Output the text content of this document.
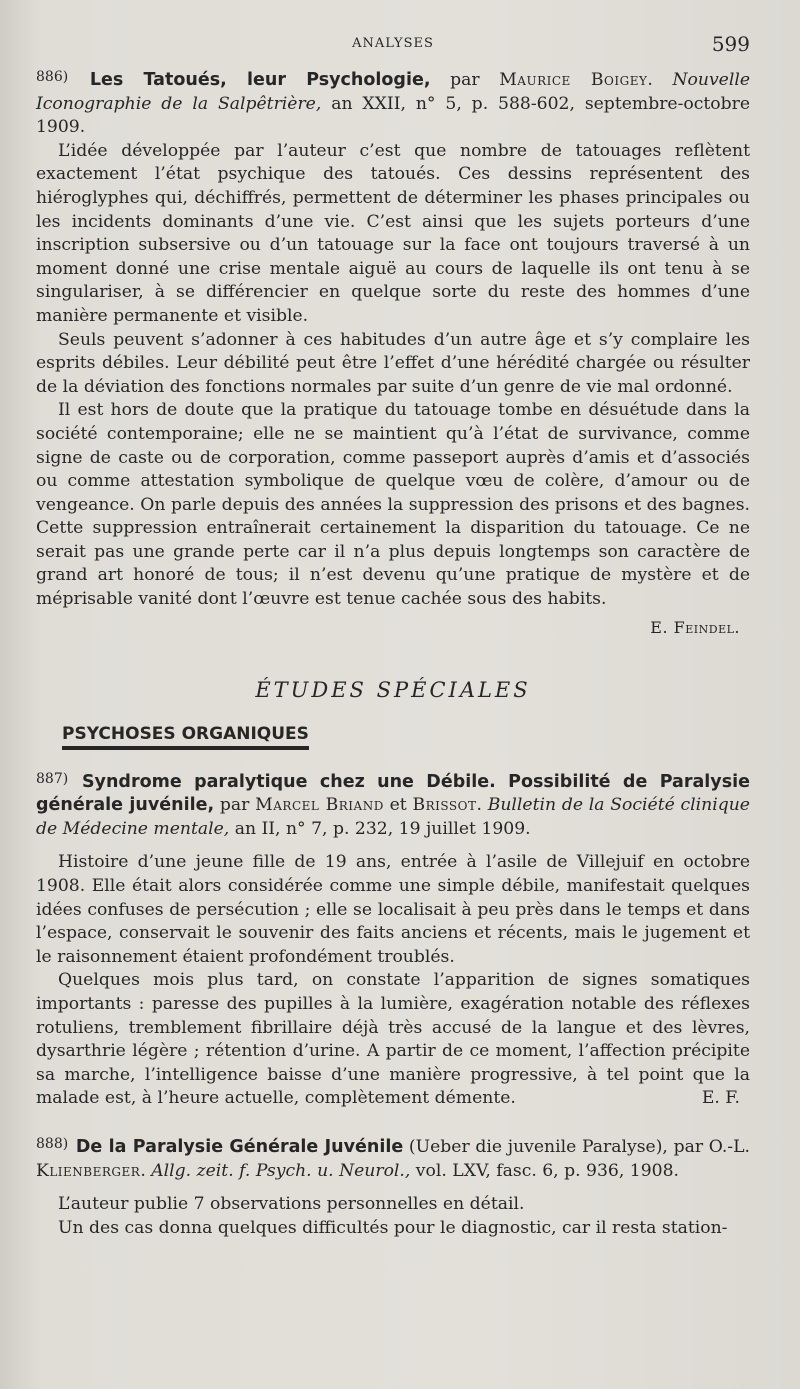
ANALYSES	599

$^{886)}$ Les Tatoués, leur Psychologie, par Maurice Boigey. Nouvelle Iconographie de la Salpêtrière, an XXII, n° 5, p. 588-602, septembre-octobre 1909.

L’idée développée par l’auteur c’est que nombre de tatouages reflètent exactement l’état psychique des tatoués. Ces dessins représentent des hiéroglyphes qui, déchiffrés, permettent de déterminer les phases principales ou les incidents dominants d’une vie. C’est ainsi que les sujets porteurs d’une inscription subsersive ou d’un tatouage sur la face ont toujours traversé à un moment donné une crise mentale aiguë au cours de laquelle ils ont tenu à se singulariser, à se différencier en quelque sorte du reste des hommes d’une manière permanente et visible.

Seuls peuvent s’adonner à ces habitudes d’un autre âge et s’y complaire les esprits débiles. Leur débilité peut être l’effet d’une hérédité chargée ou résulter de la déviation des fonctions normales par suite d’un genre de vie mal ordonné.

Il est hors de doute que la pratique du tatouage tombe en désuétude dans la société contemporaine; elle ne se maintient qu’à l’état de survivance, comme signe de caste ou de corporation, comme passeport auprès d’amis et d’associés ou comme attestation symbolique de quelque vœu de colère, d’amour ou de vengeance. On parle depuis des années la suppression des prisons et des bagnes. Cette suppression entraînerait certainement la disparition du tatouage. Ce ne serait pas une grande perte car il n’a plus depuis longtemps son caractère de grand art honoré de tous; il n’est devenu qu’une pratique de mystère et de méprisable vanité dont l’œuvre est tenue cachée sous des habits.

E. Feindel.
ÉTUDES SPÉCIALES
PSYCHOSES ORGANIQUES

$^{887)}$ Syndrome paralytique chez une Débile. Possibilité de Paralysie générale juvénile, par Marcel Briand et Brissot. Bulletin de la Société clinique de Médecine mentale, an II, n° 7, p. 232, 19 juillet 1909.

Histoire d’une jeune fille de 19 ans, entrée à l’asile de Villejuif en octobre 1908. Elle était alors considérée comme une simple débile, manifestait quelques idées confuses de persécution ; elle se localisait à peu près dans le temps et dans l’espace, conservait le souvenir des faits anciens et récents, mais le jugement et le raisonnement étaient profondément troublés.

Quelques mois plus tard, on constate l’apparition de signes somatiques importants : paresse des pupilles à la lumière, exagération notable des réflexes rotuliens, tremblement fibrillaire déjà très accusé de la langue et des lèvres, dysarthrie légère ; rétention d’urine. A partir de ce moment, l’affection précipite sa marche, l’intelligence baisse d’une manière progressive, à tel point que la malade est, à l’heure actuelle, complètement démente.	E. F.

$^{888)}$ De la Paralysie Générale Juvénile (Ueber die juvenile Paralyse), par O.-L. Klienberger. Allg. zeit. f. Psych. u. Neurol., vol. LXV, fasc. 6, p. 936, 1908.

L’auteur publie 7 observations personnelles en détail.

Un des cas donna quelques difficultés pour le diagnostic, car il resta station-
